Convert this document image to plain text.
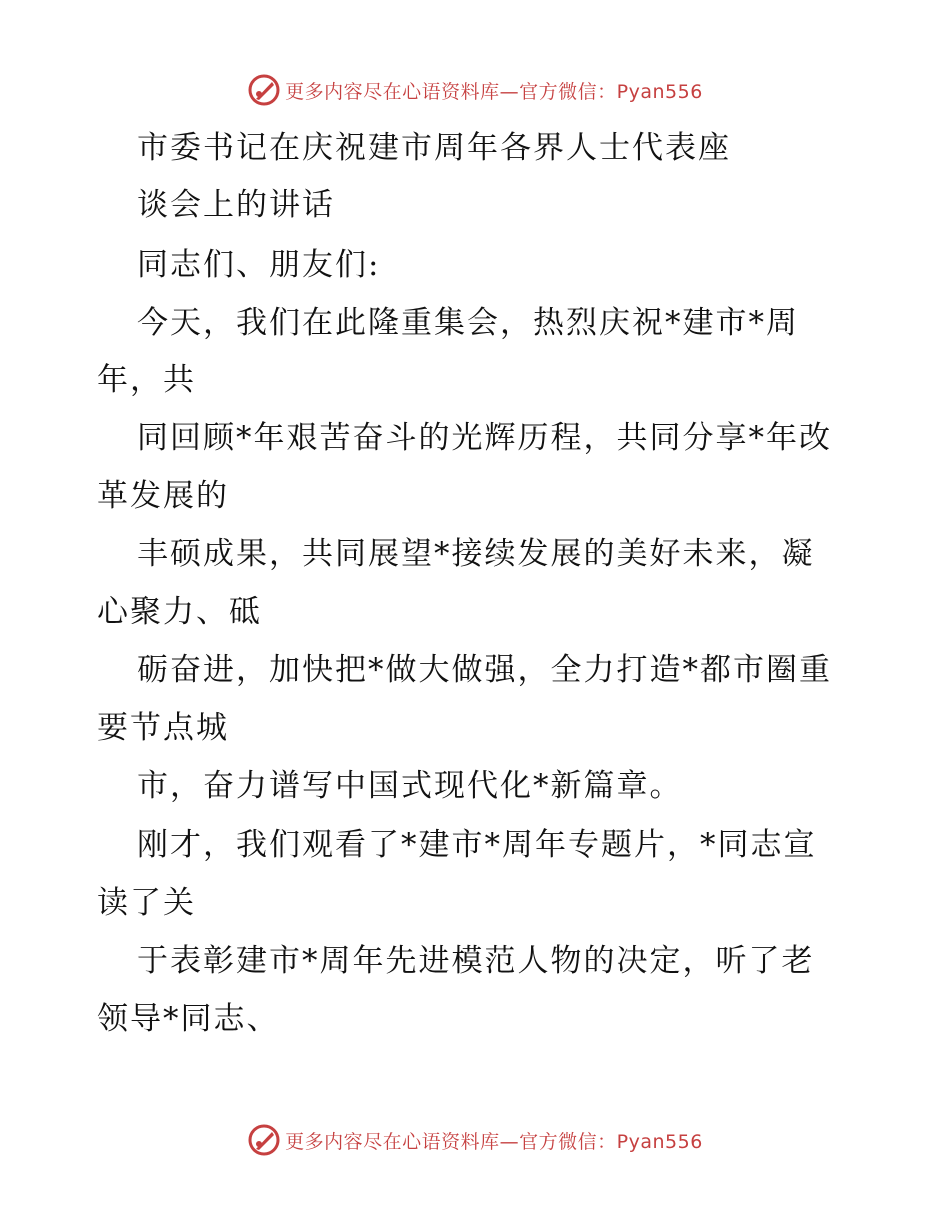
更多内容尽在心语资料库—官方微信：Pyan556
市委书记在庆祝建市周年各界人士代表座
谈会上的讲话
同志们、朋友们:
今天，我们在此隆重集会，热烈庆祝*建市*周
年，共
同回顾*年艰苦奋斗的光辉历程，共同分享*年改
革发展的
丰硕成果，共同展望*接续发展的美好未来，凝
心聚力、砥
砺奋进，加快把*做大做强，全力打造*都市圈重
要节点城
市，奋力谱写中国式现代化*新篇章。
刚才，我们观看了*建市*周年专题片，*同志宣
读了关
于表彰建市*周年先进模范人物的决定，听了老
领导*同志、
更多内容尽在心语资料库—官方微信：Pyan556
